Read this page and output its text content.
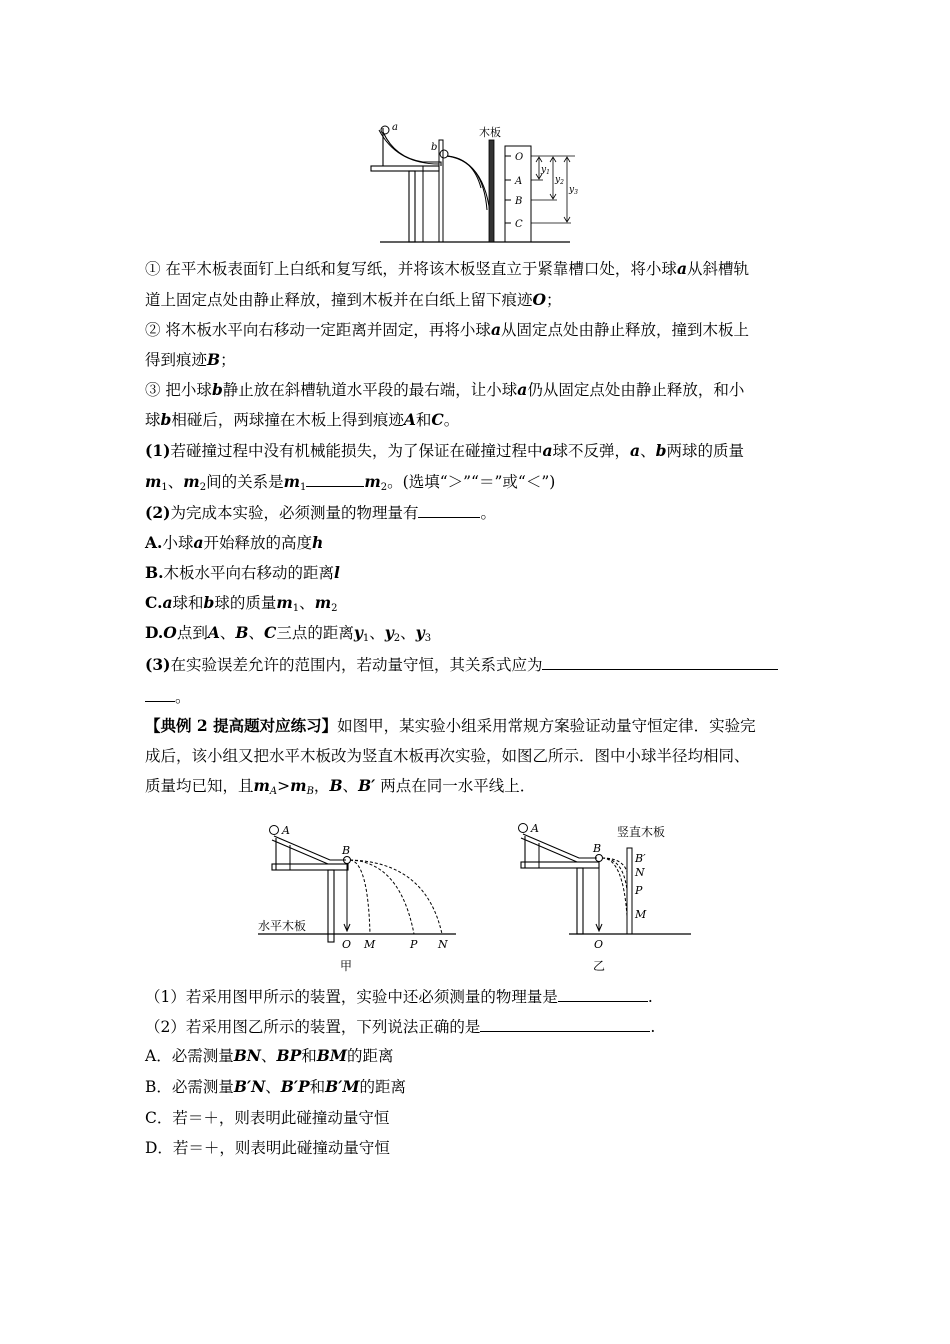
a
b
木板
O
A
B
C
$y_1$
$y_2$
$y_3$
① 在平木板表面钉上白纸和复写纸，并将该木板竖直立于紧靠槽口处，将小球a从斜槽轨
道上固定点处由静止释放，撞到木板并在白纸上留下痕迹O；
② 将木板水平向右移动一定距离并固定，再将小球a从固定点处由静止释放，撞到木板上
得到痕迹B；
③ 把小球b静止放在斜槽轨道水平段的最右端，让小球a仍从固定点处由静止释放，和小
球b相碰后，两球撞在木板上得到痕迹A和C。
(1)若碰撞过程中没有机械能损失，为了保证在碰撞过程中a球不反弹，a、b两球的质量
$m_1$、$m_2$间的关系是$m_1$	$m_2$。(选填“＞”“＝”或“＜”)
(2)为完成本实验，必须测量的物理量有	。
A.小球a开始释放的高度h
B.木板水平向右移动的距离l
C.a球和b球的质量$m_1$、$m_2$
D.O点到A、B、C三点的距离$y_1$、$y_2$、$y_3$
(3)在实验误差允许的范围内，若动量守恒，其关系式应为
。
【典例 2 提高题对应练习】如图甲，某实验小组采用常规方案验证动量守恒定律．实验完
成后，该小组又把水平木板改为竖直木板再次实验，如图乙所示．图中小球半径均相同、
质量均已知，且$m_A>m_B$，B、B′ 两点在同一水平线上．
A
B
水平木板
O M	P N
甲
A
B
竖直木板
B′
N
P
M
O
乙
（1）若采用图甲所示的装置，实验中还必须测量的物理量是	.
（2）若采用图乙所示的装置，下列说法正确的是	.
A．必需测量BN、BP和BM的距离
B．必需测量B′N、B′P和B′M的距离
C．若＝＋，则表明此碰撞动量守恒
D．若＝＋，则表明此碰撞动量守恒
